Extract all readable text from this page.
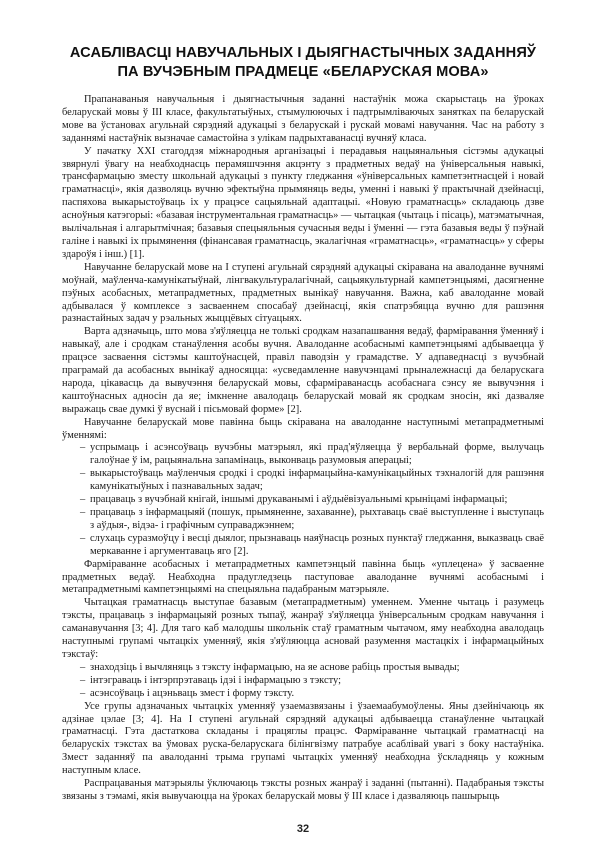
АСАБЛІВАСЦІ НАВУЧАЛЬНЫХ І ДЫЯГНАСТЫЧНЫХ ЗАДАННЯЎ
ПА ВУЧЭБНЫМ ПРАДМЕЦЕ «БЕЛАРУСКАЯ МОВА»

Прапанаваныя навучальныя і дыягнастычныя заданні настаўнік можа скарыстаць на ўроках беларускай мовы ў III класе, факультатыўных, стымулюючых і падтрымліваючых занятках па беларускай мове ва ўстановах агульнай сярэдняй адукацыі з беларускай і рускай мовамі навучання. Час на работу з заданнямі настаўнік вызначае самастойна з улікам падрыхтаванасці вучняў класа.

У пачатку XXI стагоддзя міжнародныя арганізацыі і перадавыя нацыянальныя сістэмы адукацыі звярнулі ўвагу на неабходнасць перамяшчэння акцэнту з прадметных ведаў на ўніверсальныя навыкі, трансфармацыю зместу школьнай адукацыі з пункту гледжання «ўніверсальных кампетэнтнасцей і новай граматнасці», якія дазволяць вучню эфектыўна прымяняць веды, уменні і навыкі ў практычнай дзейнасці, паспяхова выкарыстоўваць іх у працэсе сацыяльнай адаптацыі. «Новую граматнасць» складаюць дзве асноўныя катэгорыі: «базавая інструментальная граматнасць» — чытацкая (чытаць і пісаць), матэматычная, вылічальная і алгарытмічная; базавыя спецыяльныя сучасныя веды і ўменні — гэта базавыя веды ў пэўнай галіне і навыкі іх прымянення (фінансавая граматнасць, экалагічная «граматнасць», «граматнасць» у сферы здароўя і інш.) [1].

Навучанне беларускай мове на I ступені агульнай сярэдняй адукацыі скіравана на авалоданне вучнямі моўнай, маўленча-камунікатыўнай, лінгвакультуралагічнай, сацыякультурнай кампетэнцыямі, дасягненне пэўных асобасных, метапрадметных, прадметных вынікаў навучання. Важна, каб авалоданне мовай адбывалася ў комплексе з засваеннем спосабаў дзейнасці, якія спатрэбяцца вучню для рашэння разнастайных задач у рэальных жыццёвых сітуацыях.

Варта адзначыць, што мова з'яўляецца не толькі сродкам назапашвання ведаў, фарміравання ўменняў і навыкаў, але і сродкам станаўлення асобы вучня. Авалоданне асобаснымі кампетэнцыямі адбываецца ў працэсе засваення сістэмы каштоўнасцей, правіл паводзін у грамадстве. У адпаведнасці з вучэбнай праграмай да асобасных вынікаў адносяцца: «усведамленне навучэнцамі прыналежнасці да беларускага народа, цікавасць да вывучэння беларускай мовы, сфарміраванасць асобаснага сэнсу яе вывучэння і каштоўнасных адносін да яе; імкненне авалодаць беларускай мовай як сродкам зносін, які дазваляе выражаць свае думкі ў вуснай і пісьмовай форме» [2].

Навучанне беларускай мове павінна быць скіравана на авалоданне наступнымі метапрадметнымі ўменнямі:

– успрымаць і асэнсоўваць вучэбны матэрыял, які прад'яўляецца ў вербальнай форме, вылучаць галоўнае ў ім, рацыянальна запамінаць, выконваць разумовыя аперацыі;
– выкарыстоўваць маўленчыя сродкі і сродкі інфармацыйна-камунікацыйных тэхналогій для рашэння камунікатыўных і пазнавальных задач;
– працаваць з вучэбнай кнігай, іншымі друкаванымі і аўдыёвізуальнымі крыніцамі інфармацыі;
– працаваць з інфармацыяй (пошук, прымяненне, захаванне), рыхтаваць сваё выступленне і выступаць з аўдыя-, відэа- і графічным суправаджэннем;
– слухаць суразмоўцу і весці дыялог, прызнаваць наяўнасць розных пунктаў гледжання, выказваць сваё меркаванне і аргументаваць яго [2].

Фарміраванне асобасных і метапрадметных кампетэнцый павінна быць «уплецена» ў засваенне прадметных ведаў. Неабходна прадугледзець паступовае авалоданне вучнямі асобаснымі і метапрадметнымі кампетэнцыямі на спецыяльна падабраным матэрыяле.

Чытацкая граматнасць выступае базавым (метапрадметным) уменнем. Уменне чытаць і разумець тэксты, працаваць з інфармацыяй розных тыпаў, жанраў з'яўляецца ўніверсальным сродкам навучання і саманавучання [3; 4]. Для таго каб малодшы школьнік стаў граматным чытачом, яму неабходна авалодаць наступнымі групамі чытацкіх уменняў, якія з'яўляюцца асновай разумення мастацкіх і інфармацыйных тэкстаў:

– знаходзіць і вычляняць з тэксту інфармацыю, на яе аснове рабіць простыя вывады;
– інтэграваць і інтэрпрэтаваць ідэі і інфармацыю з тэксту;
– асэнсоўваць і ацэньваць змест і форму тэксту.

Усе групы адзначаных чытацкіх уменняў узаемазвязаны і ўзаемаабумоўлены. Яны дзейнічаюць як адзінае цэлае [3; 4]. На I ступені агульнай сярэдняй адукацыі адбываецца станаўленне чытацкай граматнасці. Гэта дастаткова складаны і працяглы працэс. Фарміраванне чытацкай граматнасці на беларускіх тэкстах ва ўмовах руска-беларускага білінгвізму патрабуе асаблівай увагі з боку настаўніка. Змест заданняў па авалоданні трыма групамі чытацкіх уменняў неабходна ўскладняць у кожным наступным класе.

Распрацаваныя матэрыялы ўключаюць тэксты розных жанраў і заданні (пытанні). Падабраныя тэксты звязаны з тэмамі, якія вывучаюцца на ўроках беларускай мовы ў III класе і дазваляюць пашырыць

32
